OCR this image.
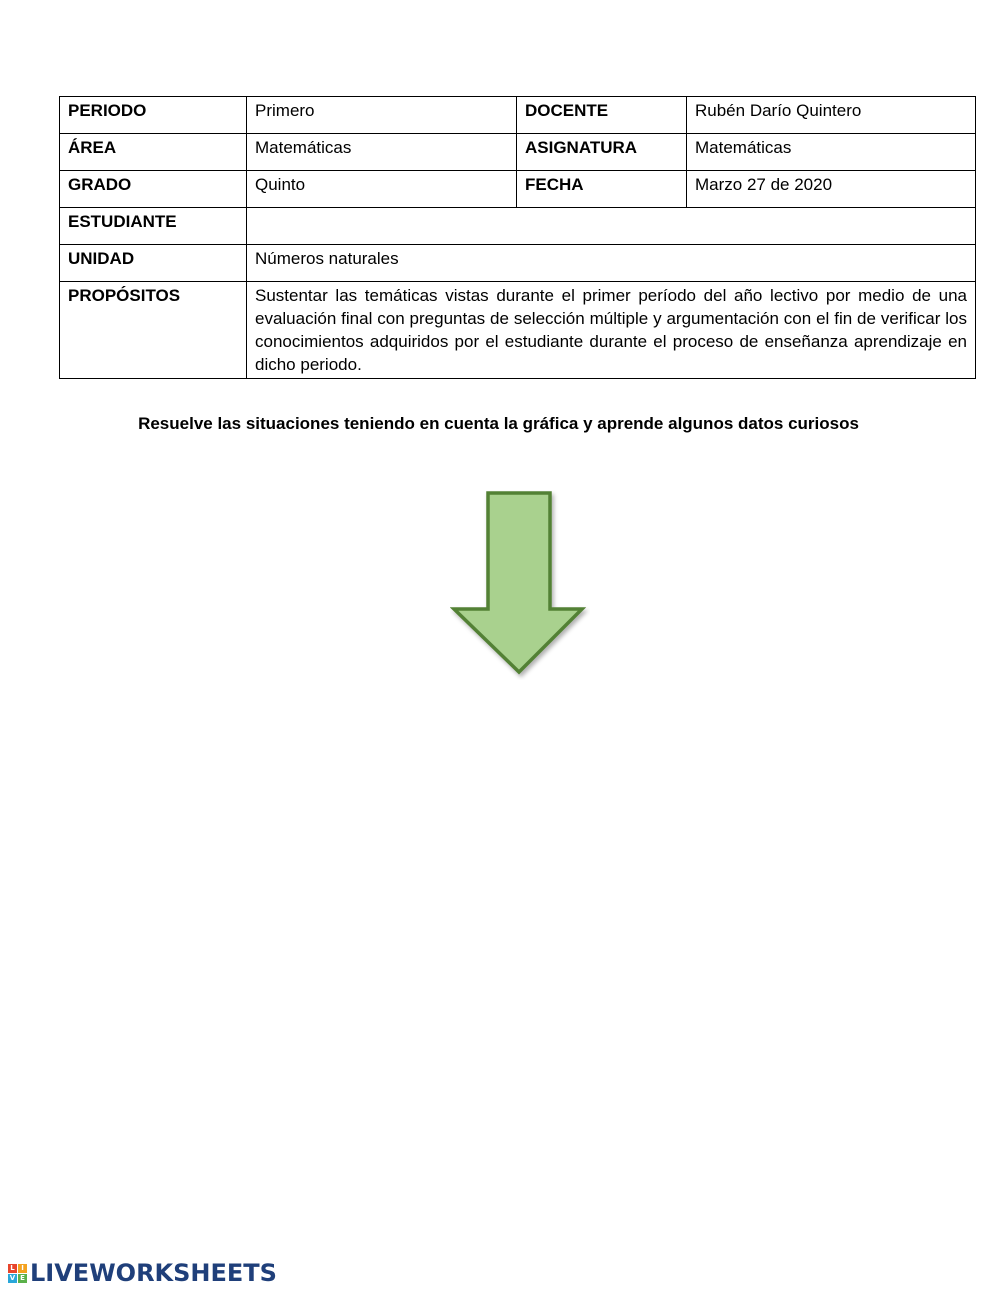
PERIODO	Primero	DOCENTE	Rubén Darío Quintero
ÁREA	Matemáticas	ASIGNATURA	Matemáticas
GRADO	Quinto	FECHA	Marzo 27 de 2020
ESTUDIANTE			
UNIDAD	Números naturales		
PROPÓSITOS	Sustentar las temáticas vistas durante el primer período del año lectivo por medio de una evaluación final con preguntas de selección múltiple y argumentación con el fin de verificar los conocimientos adquiridos por el estudiante durante el proceso de enseñanza aprendizaje en dicho periodo.		
Resuelve las situaciones teniendo en cuenta la gráfica y aprende algunos datos curiosos
L I
V E LIVEWORKSHEETS
